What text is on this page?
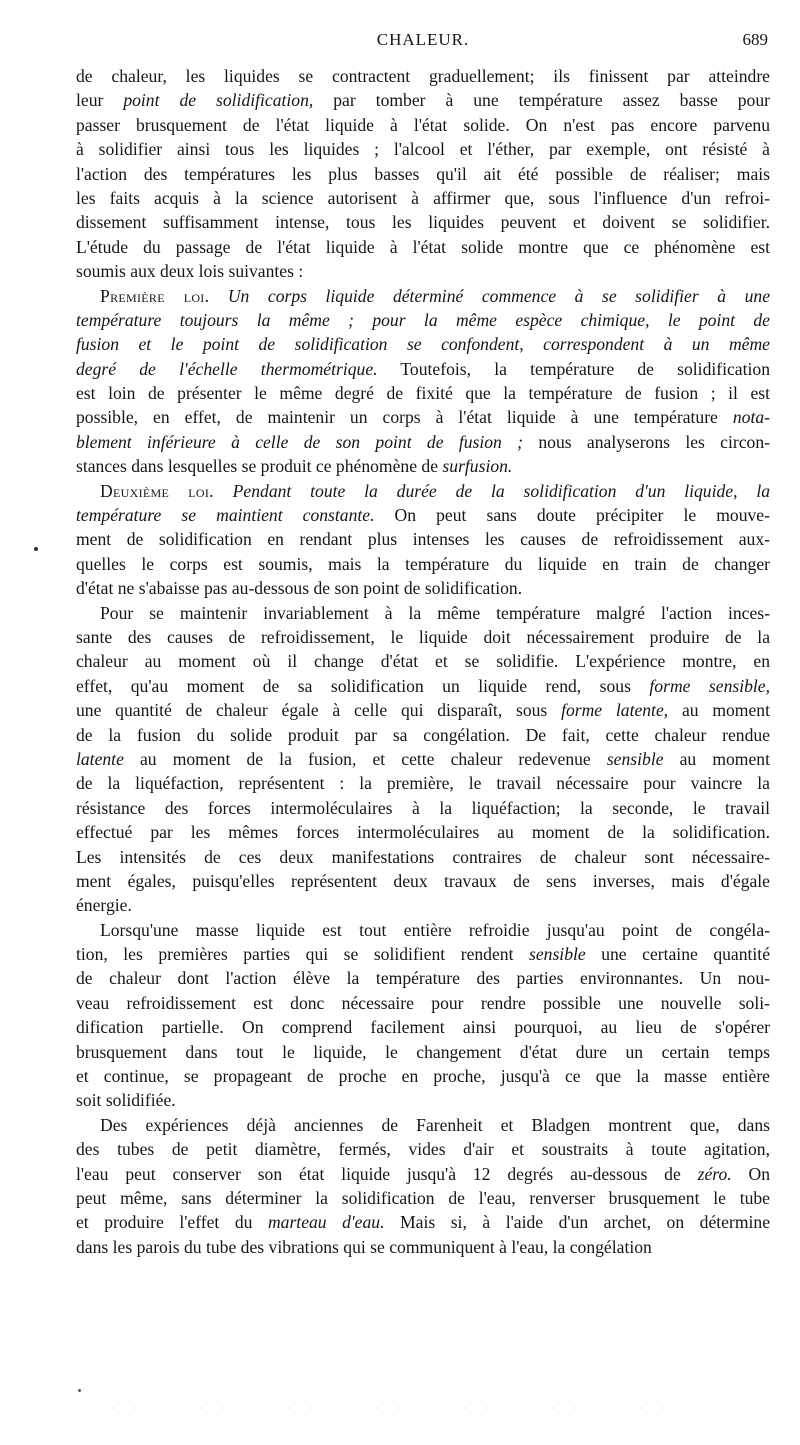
CHALEUR.	689
de chaleur, les liquides se contractent graduellement; ils finissent par atteindre
leur point de solidification, par tomber à une température assez basse pour
passer brusquement de l'état liquide à l'état solide. On n'est pas encore parvenu
à solidifier ainsi tous les liquides ; l'alcool et l'éther, par exemple, ont résisté à
l'action des températures les plus basses qu'il ait été possible de réaliser; mais
les faits acquis à la science autorisent à affirmer que, sous l'influence d'un refroi-
dissement suffisamment intense, tous les liquides peuvent et doivent se solidifier.
L'étude du passage de l'état liquide à l'état solide montre que ce phénomène est
soumis aux deux lois suivantes :
Première loi. Un corps liquide déterminé commence à se solidifier à une
température toujours la même ; pour la même espèce chimique, le point de
fusion et le point de solidification se confondent, correspondent à un même
degré de l'échelle thermométrique. Toutefois, la température de solidification
est loin de présenter le même degré de fixité que la température de fusion ; il est
possible, en effet, de maintenir un corps à l'état liquide à une température nota-
blement inférieure à celle de son point de fusion ; nous analyserons les circon-
stances dans lesquelles se produit ce phénomène de surfusion.
Deuxième loi. Pendant toute la durée de la solidification d'un liquide, la
température se maintient constante. On peut sans doute précipiter le mouve-
ment de solidification en rendant plus intenses les causes de refroidissement aux-
quelles le corps est soumis, mais la température du liquide en train de changer
d'état ne s'abaisse pas au-dessous de son point de solidification.
Pour se maintenir invariablement à la même température malgré l'action inces-
sante des causes de refroidissement, le liquide doit nécessairement produire de la
chaleur au moment où il change d'état et se solidifie. L'expérience montre, en
effet, qu'au moment de sa solidification un liquide rend, sous forme sensible,
une quantité de chaleur égale à celle qui disparaît, sous forme latente, au moment
de la fusion du solide produit par sa congélation. De fait, cette chaleur rendue
latente au moment de la fusion, et cette chaleur redevenue sensible au moment
de la liquéfaction, représentent : la première, le travail nécessaire pour vaincre la
résistance des forces intermoléculaires à la liquéfaction; la seconde, le travail
effectué par les mêmes forces intermoléculaires au moment de la solidification.
Les intensités de ces deux manifestations contraires de chaleur sont nécessaire-
ment égales, puisqu'elles représentent deux travaux de sens inverses, mais d'égale
énergie.
Lorsqu'une masse liquide est tout entière refroidie jusqu'au point de congéla-
tion, les premières parties qui se solidifient rendent sensible une certaine quantité
de chaleur dont l'action élève la température des parties environnantes. Un nou-
veau refroidissement est donc nécessaire pour rendre possible une nouvelle soli-
dification partielle. On comprend facilement ainsi pourquoi, au lieu de s'opérer
brusquement dans tout le liquide, le changement d'état dure un certain temps
et continue, se propageant de proche en proche, jusqu'à ce que la masse entière
soit solidifiée.
Des expériences déjà anciennes de Farenheit et Bladgen montrent que, dans
des tubes de petit diamètre, fermés, vides d'air et soustraits à toute agitation,
l'eau peut conserver son état liquide jusqu'à 12 degrés au-dessous de zéro. On
peut même, sans déterminer la solidification de l'eau, renverser brusquement le tube
et produire l'effet du marteau d'eau. Mais si, à l'aide d'un archet, on détermine
dans les parois du tube des vibrations qui se communiquent à l'eau, la congélation
